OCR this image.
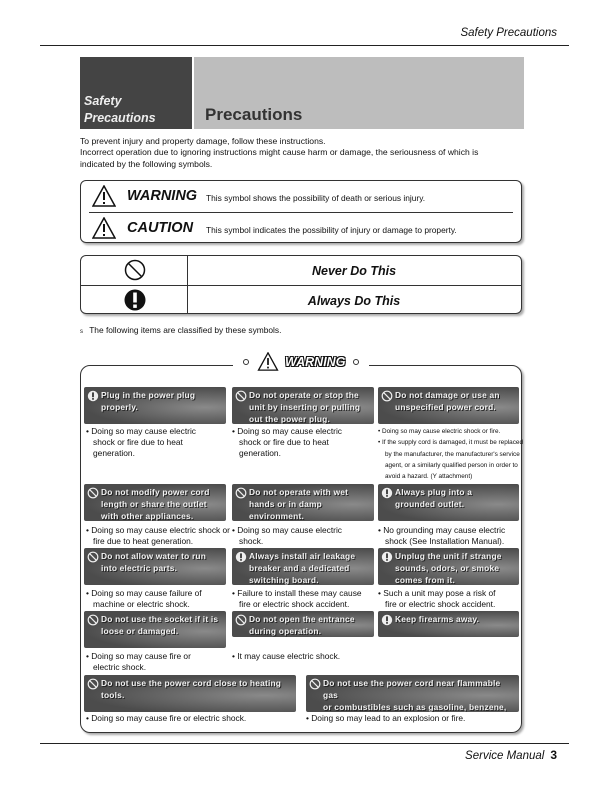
Safety Precautions
Safety
Precautions	Precautions
To prevent injury and property damage, follow these instructions.
Incorrect operation due to ignoring instructions might cause harm or damage, the seriousness of which is
indicated by the following symbols.
WARNING This symbol shows the possibility of death or serious injury.
CAUTION This symbol indicates the possibility of injury or damage to property.
Never Do This
Always Do This
s The following items are classified by these symbols.
WARNING
Plug in the power plug
properly.
Do not operate or stop the
unit by inserting or pulling
out the power plug.
Do not damage or use an
unspecified power cord.
Do not modify power cord
length or share the outlet
with other appliances.
Do not operate with wet
hands or in damp
environment.
Always plug into a
grounded outlet.
Do not allow water to run
into electric parts.
Always install air leakage
breaker and a dedicated
switching board.
Unplug the unit if strange
sounds, odors, or smoke
comes from it.
Do not use the socket if it is
loose or damaged.
Do not open the entrance
during operation.
Keep firearms away.
Do not use the power cord close to heating
tools.
Do not use the power cord near flammable gas
or combustibles such as gasoline, benzene,
• Doing so may cause electric
shock or fire due to heat
generation.
• Doing so may cause electric
shock or fire due to heat
generation.
• Doing so may cause electric shock or fire.
• If the supply cord is damaged, it must be replaced
by the manufacturer, the manufacturer's service
agent, or a similarly qualified person in order to
avoid a hazard. (Y attachment)
• Doing so may cause electric shock or
fire due to heat generation.
• Doing so may cause electric
shock.
• No grounding may cause electric
shock (See Installation Manual).
• Doing so may cause failure of
machine or electric shock.
• Failure to install these may cause
fire or electric shock accident.
• Such a unit may pose a risk of
fire or electric shock accident.
• Doing so may cause fire or
electric shock.
• It may cause electric shock.
• Doing so may cause fire or electric shock.	• Doing so may lead to an explosion or fire.
Service Manual 3
